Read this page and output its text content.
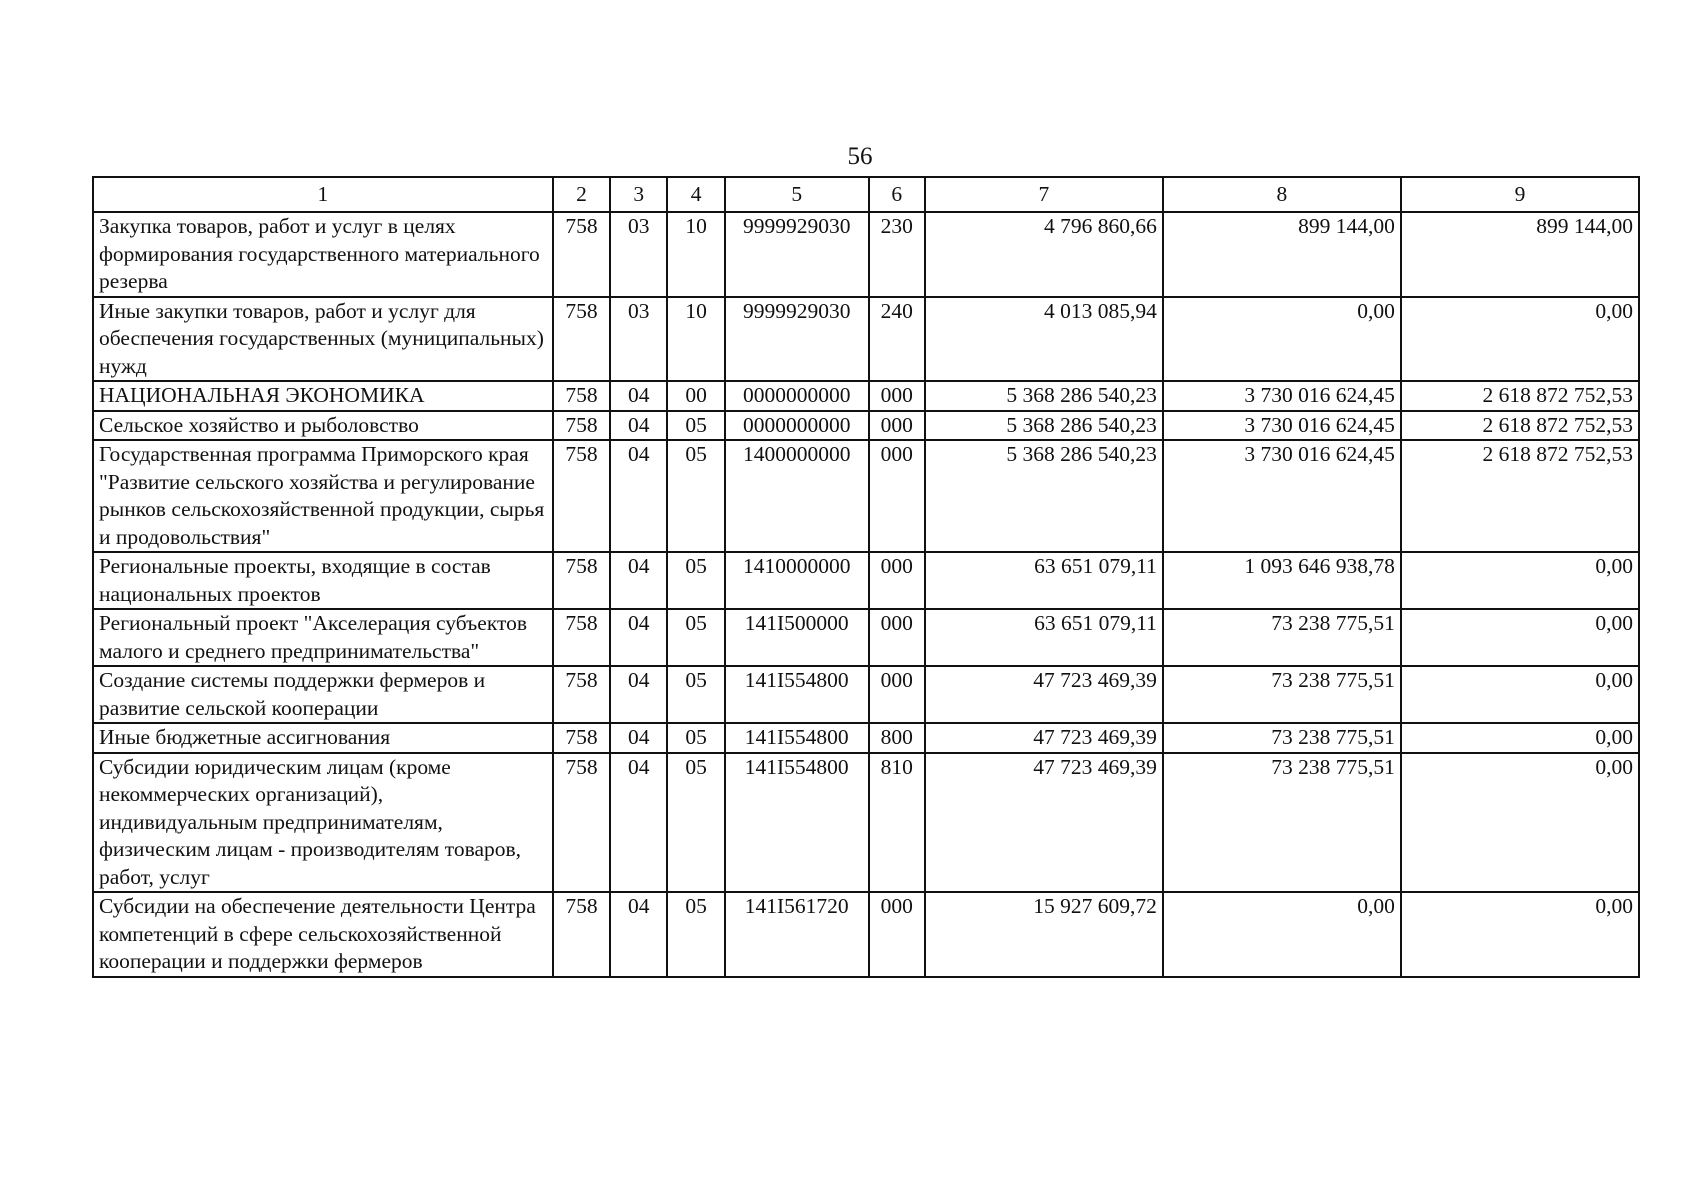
56
1	2	3	4	5	6	7	8	9
Закупка товаров, работ и услуг в целях формирования государственного материального резерва	758	03	10	9999929030	230	4 796 860,66	899 144,00	899 144,00
Иные закупки товаров, работ и услуг для обеспечения государственных (муниципальных) нужд	758	03	10	9999929030	240	4 013 085,94	0,00	0,00
НАЦИОНАЛЬНАЯ ЭКОНОМИКА	758	04	00	0000000000	000	5 368 286 540,23	3 730 016 624,45	2 618 872 752,53
Сельское хозяйство и рыболовство	758	04	05	0000000000	000	5 368 286 540,23	3 730 016 624,45	2 618 872 752,53
Государственная программа Приморского края "Развитие сельского хозяйства и регулирование рынков сельскохозяйственной продукции, сырья и продовольствия"	758	04	05	1400000000	000	5 368 286 540,23	3 730 016 624,45	2 618 872 752,53
Региональные проекты, входящие в состав национальных проектов	758	04	05	1410000000	000	63 651 079,11	1 093 646 938,78	0,00
Региональный проект "Акселерация субъектов малого и среднего предпринимательства"	758	04	05	141I500000	000	63 651 079,11	73 238 775,51	0,00
Создание системы поддержки фермеров и развитие сельской кооперации	758	04	05	141I554800	000	47 723 469,39	73 238 775,51	0,00
Иные бюджетные ассигнования	758	04	05	141I554800	800	47 723 469,39	73 238 775,51	0,00
Субсидии юридическим лицам (кроме некоммерческих организаций), индивидуальным предпринимателям, физическим лицам - производителям товаров, работ, услуг	758	04	05	141I554800	810	47 723 469,39	73 238 775,51	0,00
Субсидии на обеспечение деятельности Центра компетенций в сфере сельскохозяйственной кооперации и поддержки фермеров	758	04	05	141I561720	000	15 927 609,72	0,00	0,00
